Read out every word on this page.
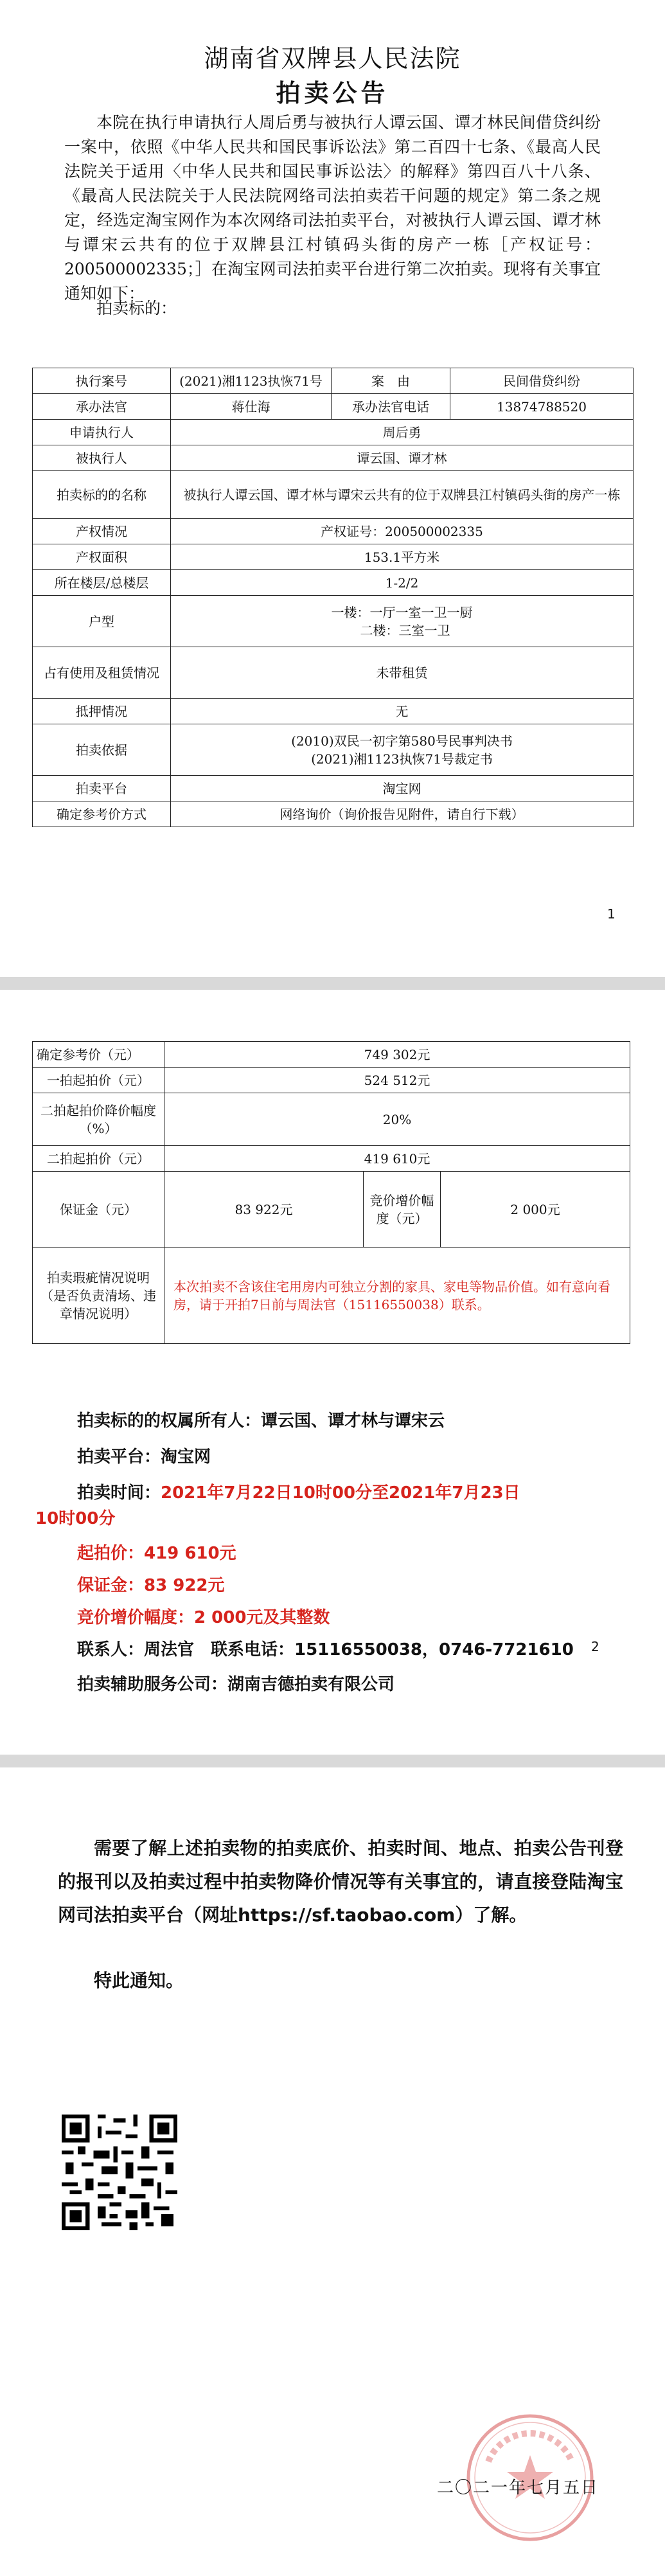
湖南省双牌县人民法院
拍卖公告

本院在执行申请执行人周后勇与被执行人谭云国、谭才林民间借贷纠纷一案中，依照《中华人民共和国民事诉讼法》第二百四十七条、《最高人民法院关于适用〈中华人民共和国民事诉讼法〉的解释》第四百八十八条、《最高人民法院关于人民法院网络司法拍卖若干问题的规定》第二条之规定，经选定淘宝网作为本次网络司法拍卖平台，对被执行人谭云国、谭才林与谭宋云共有的位于双牌县江村镇码头街的房产一栋［产权证号：200500002335；］在淘宝网司法拍卖平台进行第二次拍卖。现将有关事宜通知如下：

拍卖标的：
执行案号	(2021)湘1123执恢71号	案　由	民间借贷纠纷
承办法官	蒋仕海	承办法官电话	13874788520
申请执行人	周后勇		
被执行人	谭云国、谭才林		
拍卖标的的名称	被执行人谭云国、谭才林与谭宋云共有的位于双牌县江村镇码头街的房产一栋		
产权情况	产权证号：200500002335		
产权面积	153.1平方米		
所在楼层/总楼层	1-2/2		
户型	一楼：一厅一室一卫一厨
二楼：三室一卫		

占有使用及租赁情况	未带租赁		
抵押情况	无		
拍卖依据	(2010)双民一初字第580号民事判决书
(2021)湘1123执恢71号裁定书		

拍卖平台	淘宝网		
确定参考价方式	网络询价（询价报告见附件，请自行下载）		
1
确定参考价（元）	749 302元		
一拍起拍价（元）	524 512元		
二拍起拍价降价幅度（%）	20%		
二拍起拍价（元）	419 610元		
保证金（元）	83 922元	竞价增价幅度（元）	2 000元
拍卖瑕疵情况说明（是否负责清场、违章情况说明）	本次拍卖不含该住宅用房内可独立分割的家具、家电等物品价值。如有意向看房，请于开拍7日前与周法官（15116550038）联系。		
拍卖标的的权属所有人：谭云国、谭才林与谭宋云
拍卖平台：淘宝网
拍卖时间： 2021年7月22日10时00分至2021年7月23日
10时00分
起拍价：419 610元
保证金：83 922元
竞价增价幅度：2 000元及其整数
联系人：周法官　联系电话：15116550038，0746-7721610
拍卖辅助服务公司：湖南吉德拍卖有限公司
2

需要了解上述拍卖物的拍卖底价、拍卖时间、地点、拍卖公告刊登的报刊以及拍卖过程中拍卖物降价情况等有关事宜的，请直接登陆淘宝网司法拍卖平台（网址https://sf.taobao.com）了解。

特此通知。
二〇二一年七月五日
